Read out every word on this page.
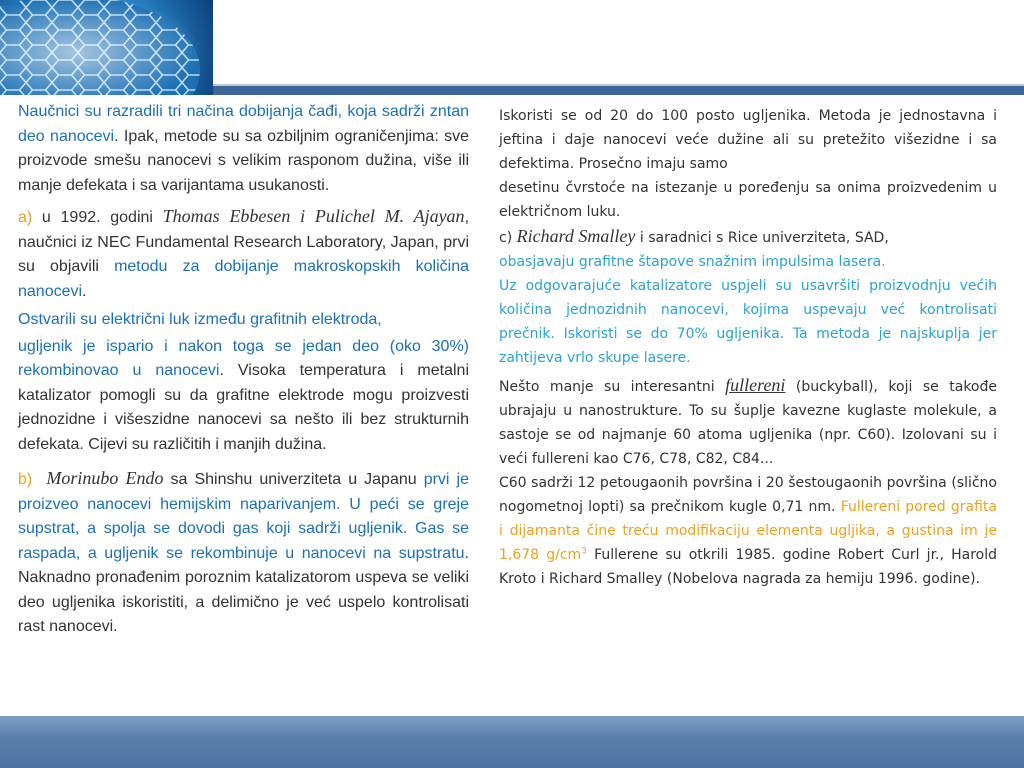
Naučnici su razradili tri načina dobijanja čađi, koja sadrži zntan deo nanocevi. Ipak, metode su sa ozbiljnim ograničenjima: sve proizvode smešu nanocevi s velikim rasponom dužina, više ili manje defekata i sa varijantama usukanosti.

a) u 1992. godini Thomas Ebbesen i Pulichel M. Ajayan, naučnici iz NEC Fundamental Research Laboratory, Japan, prvi su objavili metodu za dobijanje makroskopskih količina nanocevi.

Ostvarili su električni luk između grafitnih elektroda,

ugljenik je ispario i nakon toga se jedan deo (oko 30%) rekombinovao u nanocevi. Visoka temperatura i metalni katalizator pomogli su da grafitne elektrode mogu proizvesti jednozidne i višeszidne nanocevi sa nešto ili bez strukturnih defekata. Cijevi su različitih i manjih dužina.

b) Morinubo Endo sa Shinshu univerziteta u Japanu prvi je proizveo nanocevi hemijskim naparivanjem. U peći se greje supstrat, a spolja se dovodi gas koji sadrži ugljenik. Gas se raspada, a ugljenik se rekombinuje u nanocevi na supstratu. Naknadno pronađenim poroznim katalizatorom uspeva se veliki deo ugljenika iskoristiti, a delimično je već uspelo kontrolisati rast nanocevi.

Iskoristi se od 20 do 100 posto ugljenika. Metoda je jednostavna i jeftina i daje nanocevi veće dužine ali su pretežito višezidne i sa defektima. Prosečno imaju samo

desetinu čvrstoće na istezanje u poređenju sa onima proizvedenim u električnom luku.

c) Richard Smalley i saradnici s Rice univerziteta, SAD,

obasjavaju grafitne štapove snažnim impulsima lasera.

Uz odgovarajuće katalizatore uspjeli su usavršiti proizvodnju većih količina jednozidnih nanocevi, kojima uspevaju već kontrolisati prečnik. Iskoristi se do 70% ugljenika. Ta metoda je najskuplja jer zahtijeva vrlo skupe lasere.

Nešto manje su interesantni fullereni (buckyball), koji se takođe ubrajaju u nanostrukture. To su šuplje kavezne kuglaste molekule, a sastoje se od najmanje 60 atoma ugljenika (npr. C60). Izolovani su i veći fullereni kao C76, C78, C82, C84...

C60 sadrži 12 petougaonih površina i 20 šestougaonih površina (slično nogometnoj lopti) sa prečnikom kugle 0,71 nm. Fullereni pored grafita i dijamanta čine treću modifikaciju elementa ugljika, a gustina im je 1,678 $g/cm^3$ Fullerene su otkrili 1985. godine Robert Curl jr., Harold Kroto i Richard Smalley (Nobelova nagrada za hemiju 1996. godine).
